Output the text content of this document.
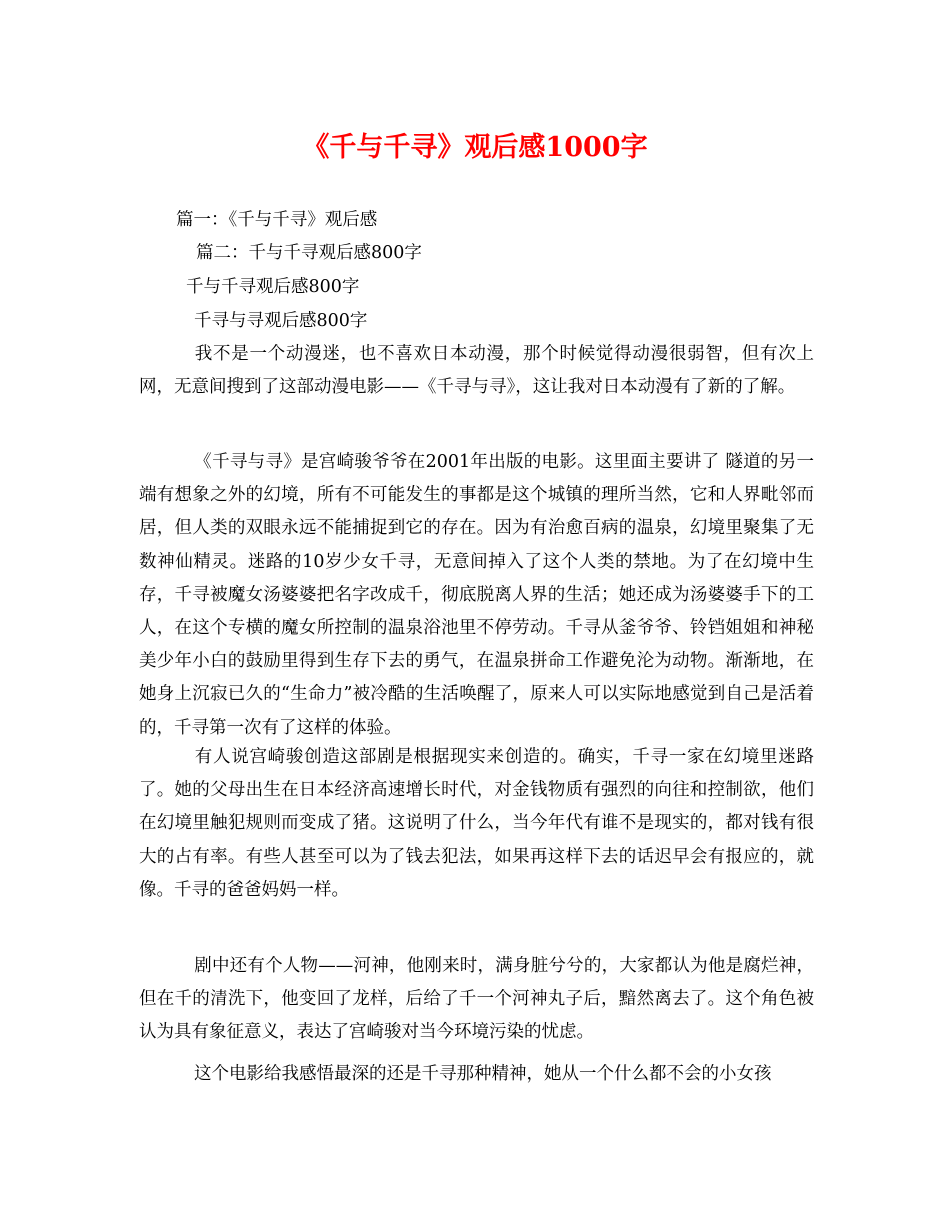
《千与千寻》观后感1000字

篇一：《千与千寻》观后感

篇二：千与千寻观后感800字

千与千寻观后感800字

千寻与寻观后感800字

我不是一个动漫迷，也不喜欢日本动漫，那个时候觉得动漫很弱智，但有次上网，无意间搜到了这部动漫电影——《千寻与寻》，这让我对日本动漫有了新的了解。

《千寻与寻》是宫崎骏爷爷在2001年出版的电影。这里面主要讲了 隧道的另一端有想象之外的幻境，所有不可能发生的事都是这个城镇的理所当然，它和人界毗邻而居，但人类的双眼永远不能捕捉到它的存在。因为有治愈百病的温泉，幻境里聚集了无数神仙精灵。迷路的10岁少女千寻，无意间掉入了这个人类的禁地。为了在幻境中生存，千寻被魔女汤婆婆把名字改成千，彻底脱离人界的生活；她还成为汤婆婆手下的工人，在这个专横的魔女所控制的温泉浴池里不停劳动。千寻从釜爷爷、铃铛姐姐和神秘美少年小白的鼓励里得到生存下去的勇气，在温泉拼命工作避免沦为动物。渐渐地，在她身上沉寂已久的“生命力”被冷酷的生活唤醒了，原来人可以实际地感觉到自己是活着的，千寻第一次有了这样的体验。

有人说宫崎骏创造这部剧是根据现实来创造的。确实，千寻一家在幻境里迷路了。她的父母出生在日本经济高速增长时代，对金钱物质有强烈的向往和控制欲，他们在幻境里触犯规则而变成了猪。这说明了什么，当今年代有谁不是现实的，都对钱有很大的占有率。有些人甚至可以为了钱去犯法，如果再这样下去的话迟早会有报应的，就像。千寻的爸爸妈妈一样。

剧中还有个人物——河神，他刚来时，满身脏兮兮的，大家都认为他是腐烂神，但在千的清洗下，他变回了龙样，后给了千一个河神丸子后，黯然离去了。这个角色被认为具有象征意义，表达了宫崎骏对当今环境污染的忧虑。

这个电影给我感悟最深的还是千寻那种精神，她从一个什么都不会的小女孩
